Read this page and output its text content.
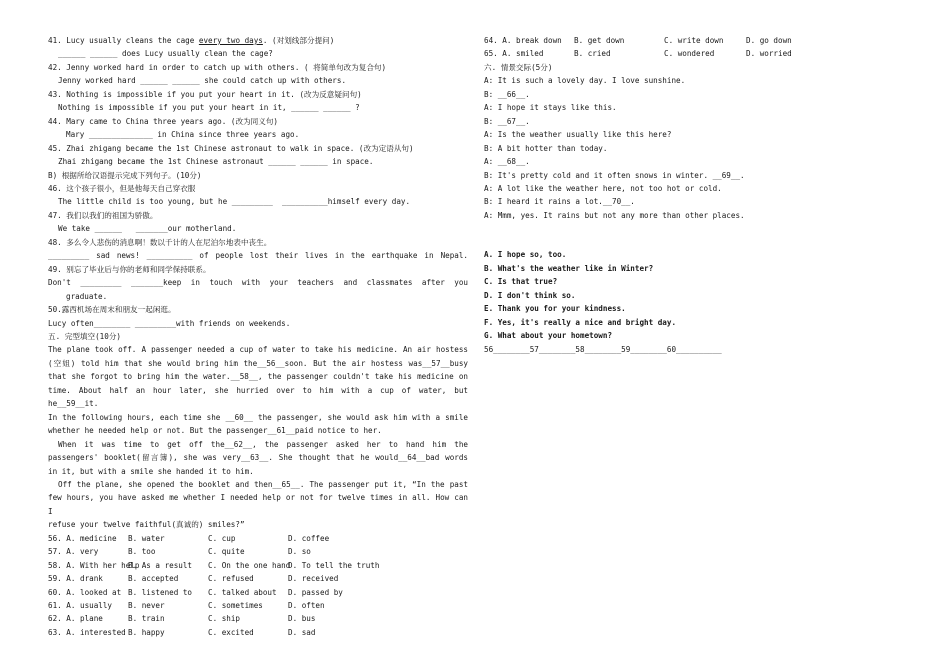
41. Lucy usually cleans the cage every two days. (对划线部分提问)
______ ______ does Lucy usually clean the cage?
42. Jenny worked hard in order to catch up with others. ( 将简单句改为复合句)
Jenny worked hard ______ ______ she could catch up with others.
43. Nothing is impossible if you put your heart in it. (改为反意疑问句)
Nothing is impossible if you put your heart in it, ______ ______ ?
44. Mary came to China three years ago. (改为同义句)
Mary ______________ in China since three years ago.
45. Zhai zhigang became the 1st Chinese astronaut to walk in space. (改为定语从句)
Zhai zhigang became the 1st Chinese astronaut ______ ______ in space.
B) 根据所给汉语提示完成下列句子。(10分)
46. 这个孩子很小，但是他每天自己穿衣服
The little child is too young, but he _________  __________himself every day.
47. 我们以我们的祖国为骄傲。
We take ______   _______our motherland.
48. 多么令人悲伤的消息啊！数以千计的人在尼泊尔地表中丧生。
_________ sad news! __________ of people lost their lives in the earthquake in Nepal.
49. 别忘了毕业后与你的老师和同学保持联系。
Don't _________ _______keep in touch with your teachers and classmates after you
graduate.
50.露西机场在周末和朋友一起闲逛。
Lucy often________ _________with friends on weekends.
五. 完型填空(10分)
The plane took off. A passenger needed a cup of water to take his medicine. An air hostess
(空姐) told him that she would bring him the__56__soon. But the air hostess was__57__busy
that she forgot to bring him the water.__58__, the passenger couldn't take his medicine on
time. About half an hour later, she hurried over to him with a cup of water, but he__59__it.
In the following hours, each time she __60__ the passenger, she would ask him with a smile
whether he needed help or not. But the passenger__61__paid notice to her.
When it was time to get off the__62__, the passenger asked her to hand him the
passengers' booklet(留言簿), she was very__63__. She thought that he would__64__bad words
in it, but with a smile she handed it to him.
Off the plane, she opened the booklet and then__65__. The passenger put it, “In the past
few hours, you have asked me whether I needed help or not for twelve times in all. How can I
refuse your twelve faithful(真诚的) smiles?”
56. A. medicine B. water	C. cup	D. coffee
57. A. very	B. too	C. quite	D. so
58. A. With her helpB. As a result C. On the one handD. To tell the truth
59. A. drank	B. accepted	C. refused	D. received
60. A. looked at B. listened to C. talked about D. passed by
61. A. usually B. never	C. sometimes	D. often
62. A. plane	B. train	C. ship	D. bus
63. A. interested B. happy	C. excited	D. sad
64. A. break down B. get down	C. write down	D. go down
65. A. smiled	B. cried	C. wondered	D. worried
六. 情景交际(5分)
A: It is such a lovely day. I love sunshine.
B: __66__.
A: I hope it stays like this.
B: __67__.
A: Is the weather usually like this here?
B: A bit hotter than today.
A: __68__.
B: It's pretty cold and it often snows in winter. __69__.
A: A lot like the weather here, not too hot or cold.
B: I heard it rains a lot.__70__.
A: Mmm, yes. It rains but not any more than other places.
A. I hope so, too.
B. What's the weather like in Winter?
C. Is that true?
D. I don't think so.
E. Thank you for your kindness.
F. Yes, it's really a nice and bright day.
G. What about your hometown?
56________57________58________59________60__________
